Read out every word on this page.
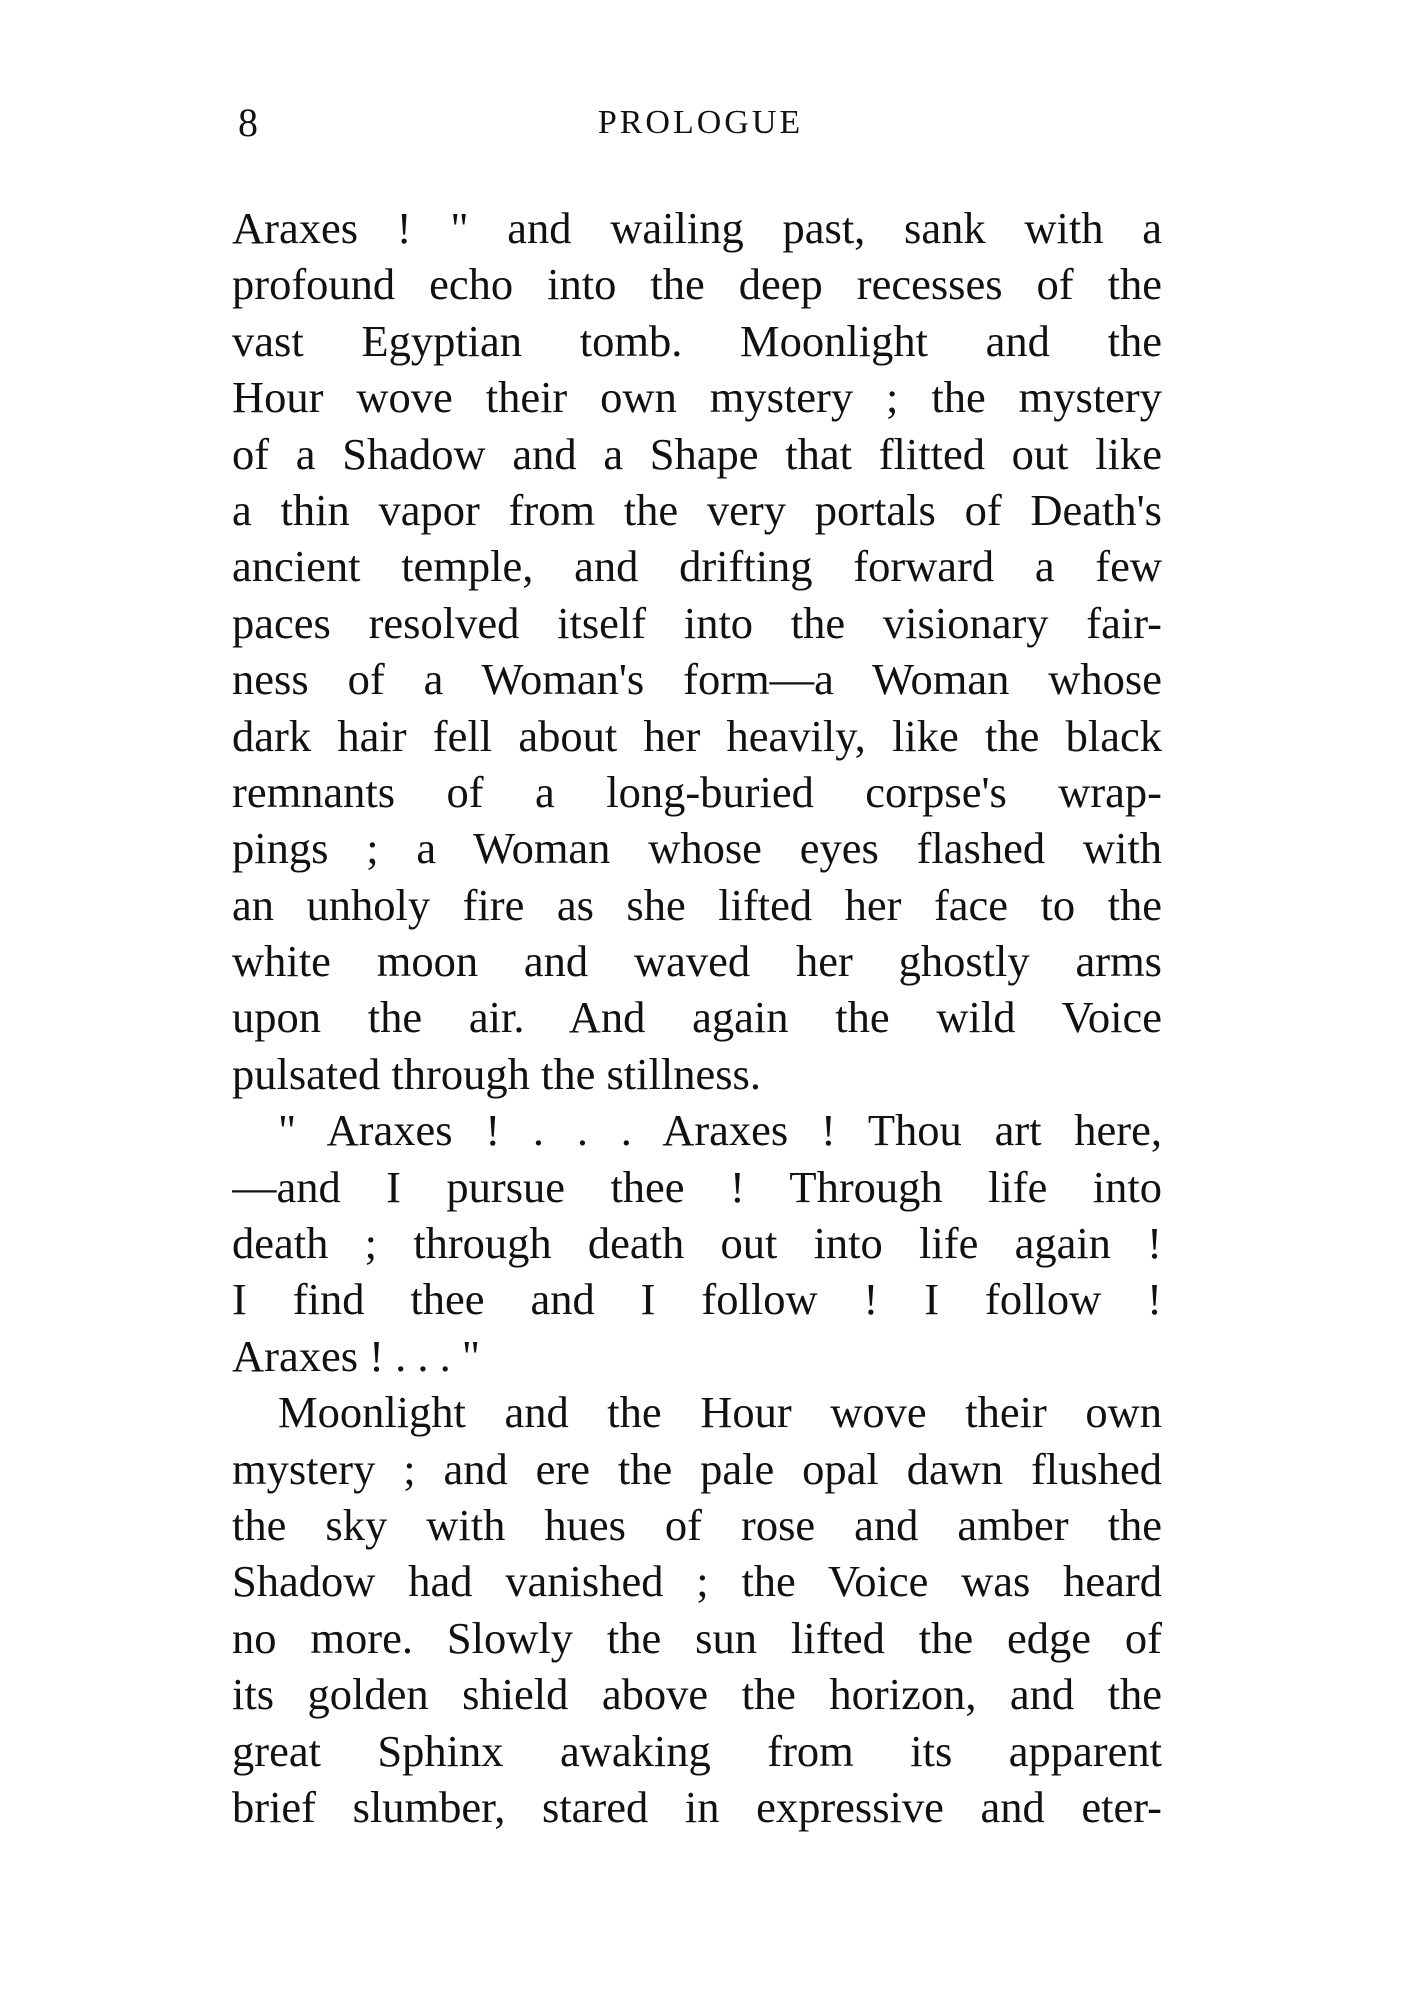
8	PROLOGUE
Araxes ! " and wailing past, sank with a
profound echo into the deep recesses of the
vast Egyptian tomb. Moonlight and the
Hour wove their own mystery ; the mystery
of a Shadow and a Shape that flitted out like
a thin vapor from the very portals of Death's
ancient temple, and drifting forward a few
paces resolved itself into the visionary fair-
ness of a Woman's form—a Woman whose
dark hair fell about her heavily, like the black
remnants of a long-buried corpse's wrap-
pings ; a Woman whose eyes flashed with
an unholy fire as she lifted her face to the
white moon and waved her ghostly arms
upon the air. And again the wild Voice
pulsated through the stillness.
" Araxes ! . . . Araxes ! Thou art here,
—and I pursue thee ! Through life into
death ; through death out into life again !
I find thee and I follow ! I follow !
Araxes ! . . . "
Moonlight and the Hour wove their own
mystery ; and ere the pale opal dawn flushed
the sky with hues of rose and amber the
Shadow had vanished ; the Voice was heard
no more. Slowly the sun lifted the edge of
its golden shield above the horizon, and the
great Sphinx awaking from its apparent
brief slumber, stared in expressive and eter-
